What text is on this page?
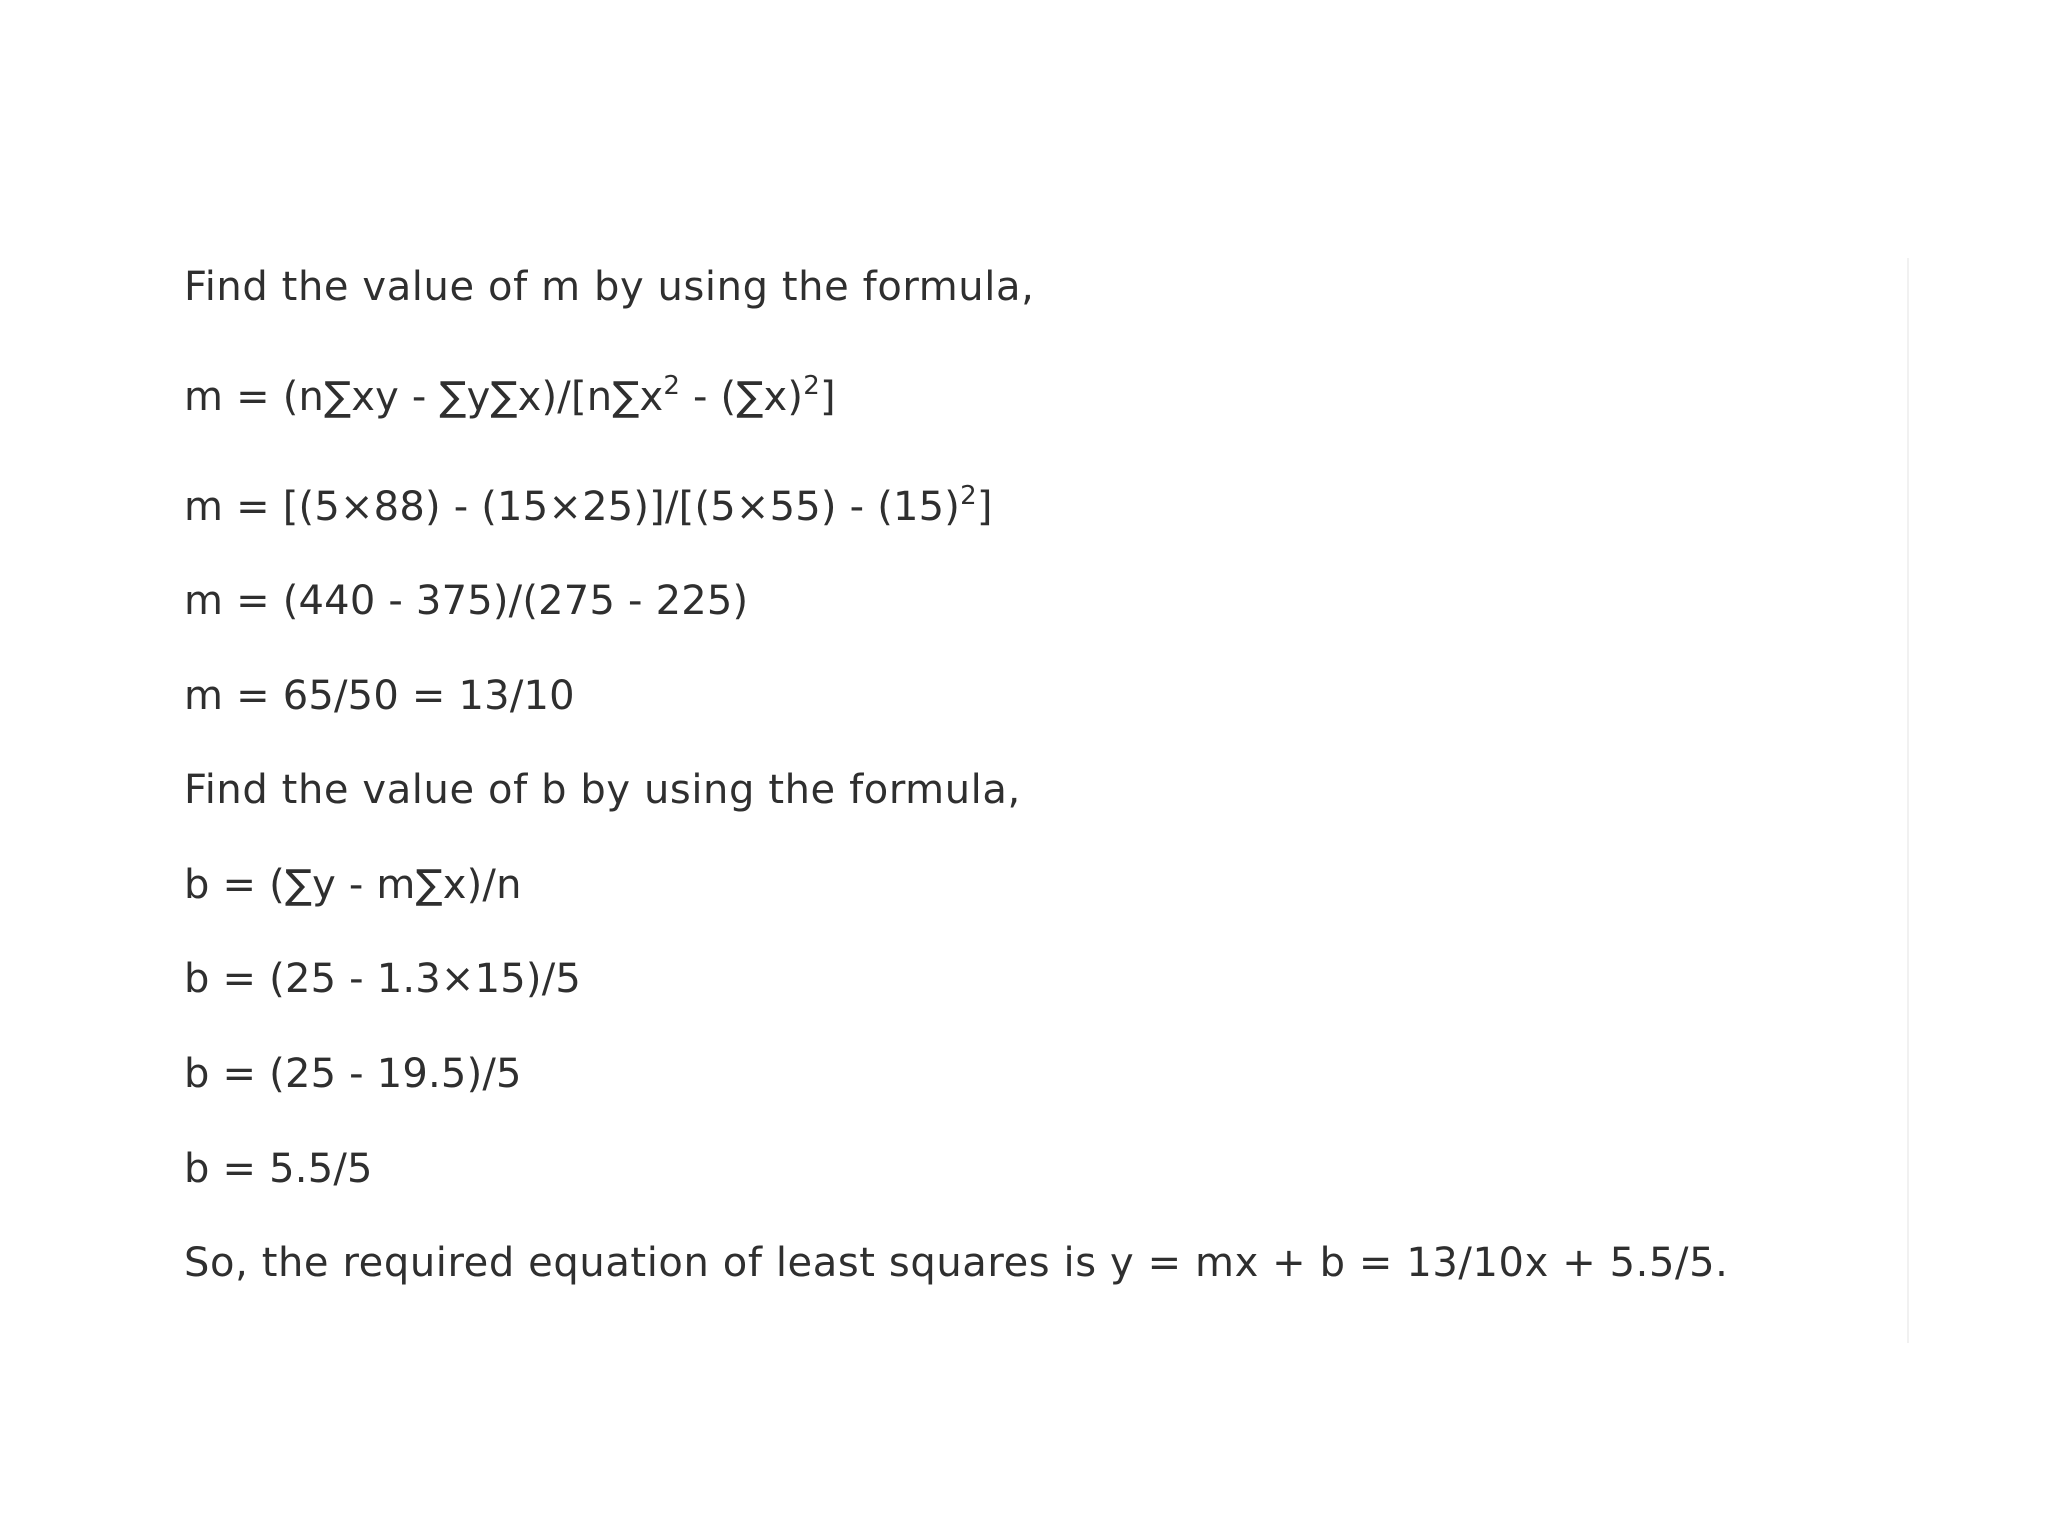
Find the value of m by using the formula,
$m = (n\sum xy - \sum y\sum x)/[n\sum x^2 - (\sum x)^2]$
$m = [(5\times 88) - (15\times 25)]/[(5\times 55) - (15)^2]$
m = (440 - 375)/(275 - 225)
m = 65/50 = 13/10
Find the value of b by using the formula,
b = (∑y - m∑x)/n
b = (25 - 1.3×15)/5
b = (25 - 19.5)/5
b = 5.5/5
So, the required equation of least squares is y = mx + b = 13/10x + 5.5/5.
